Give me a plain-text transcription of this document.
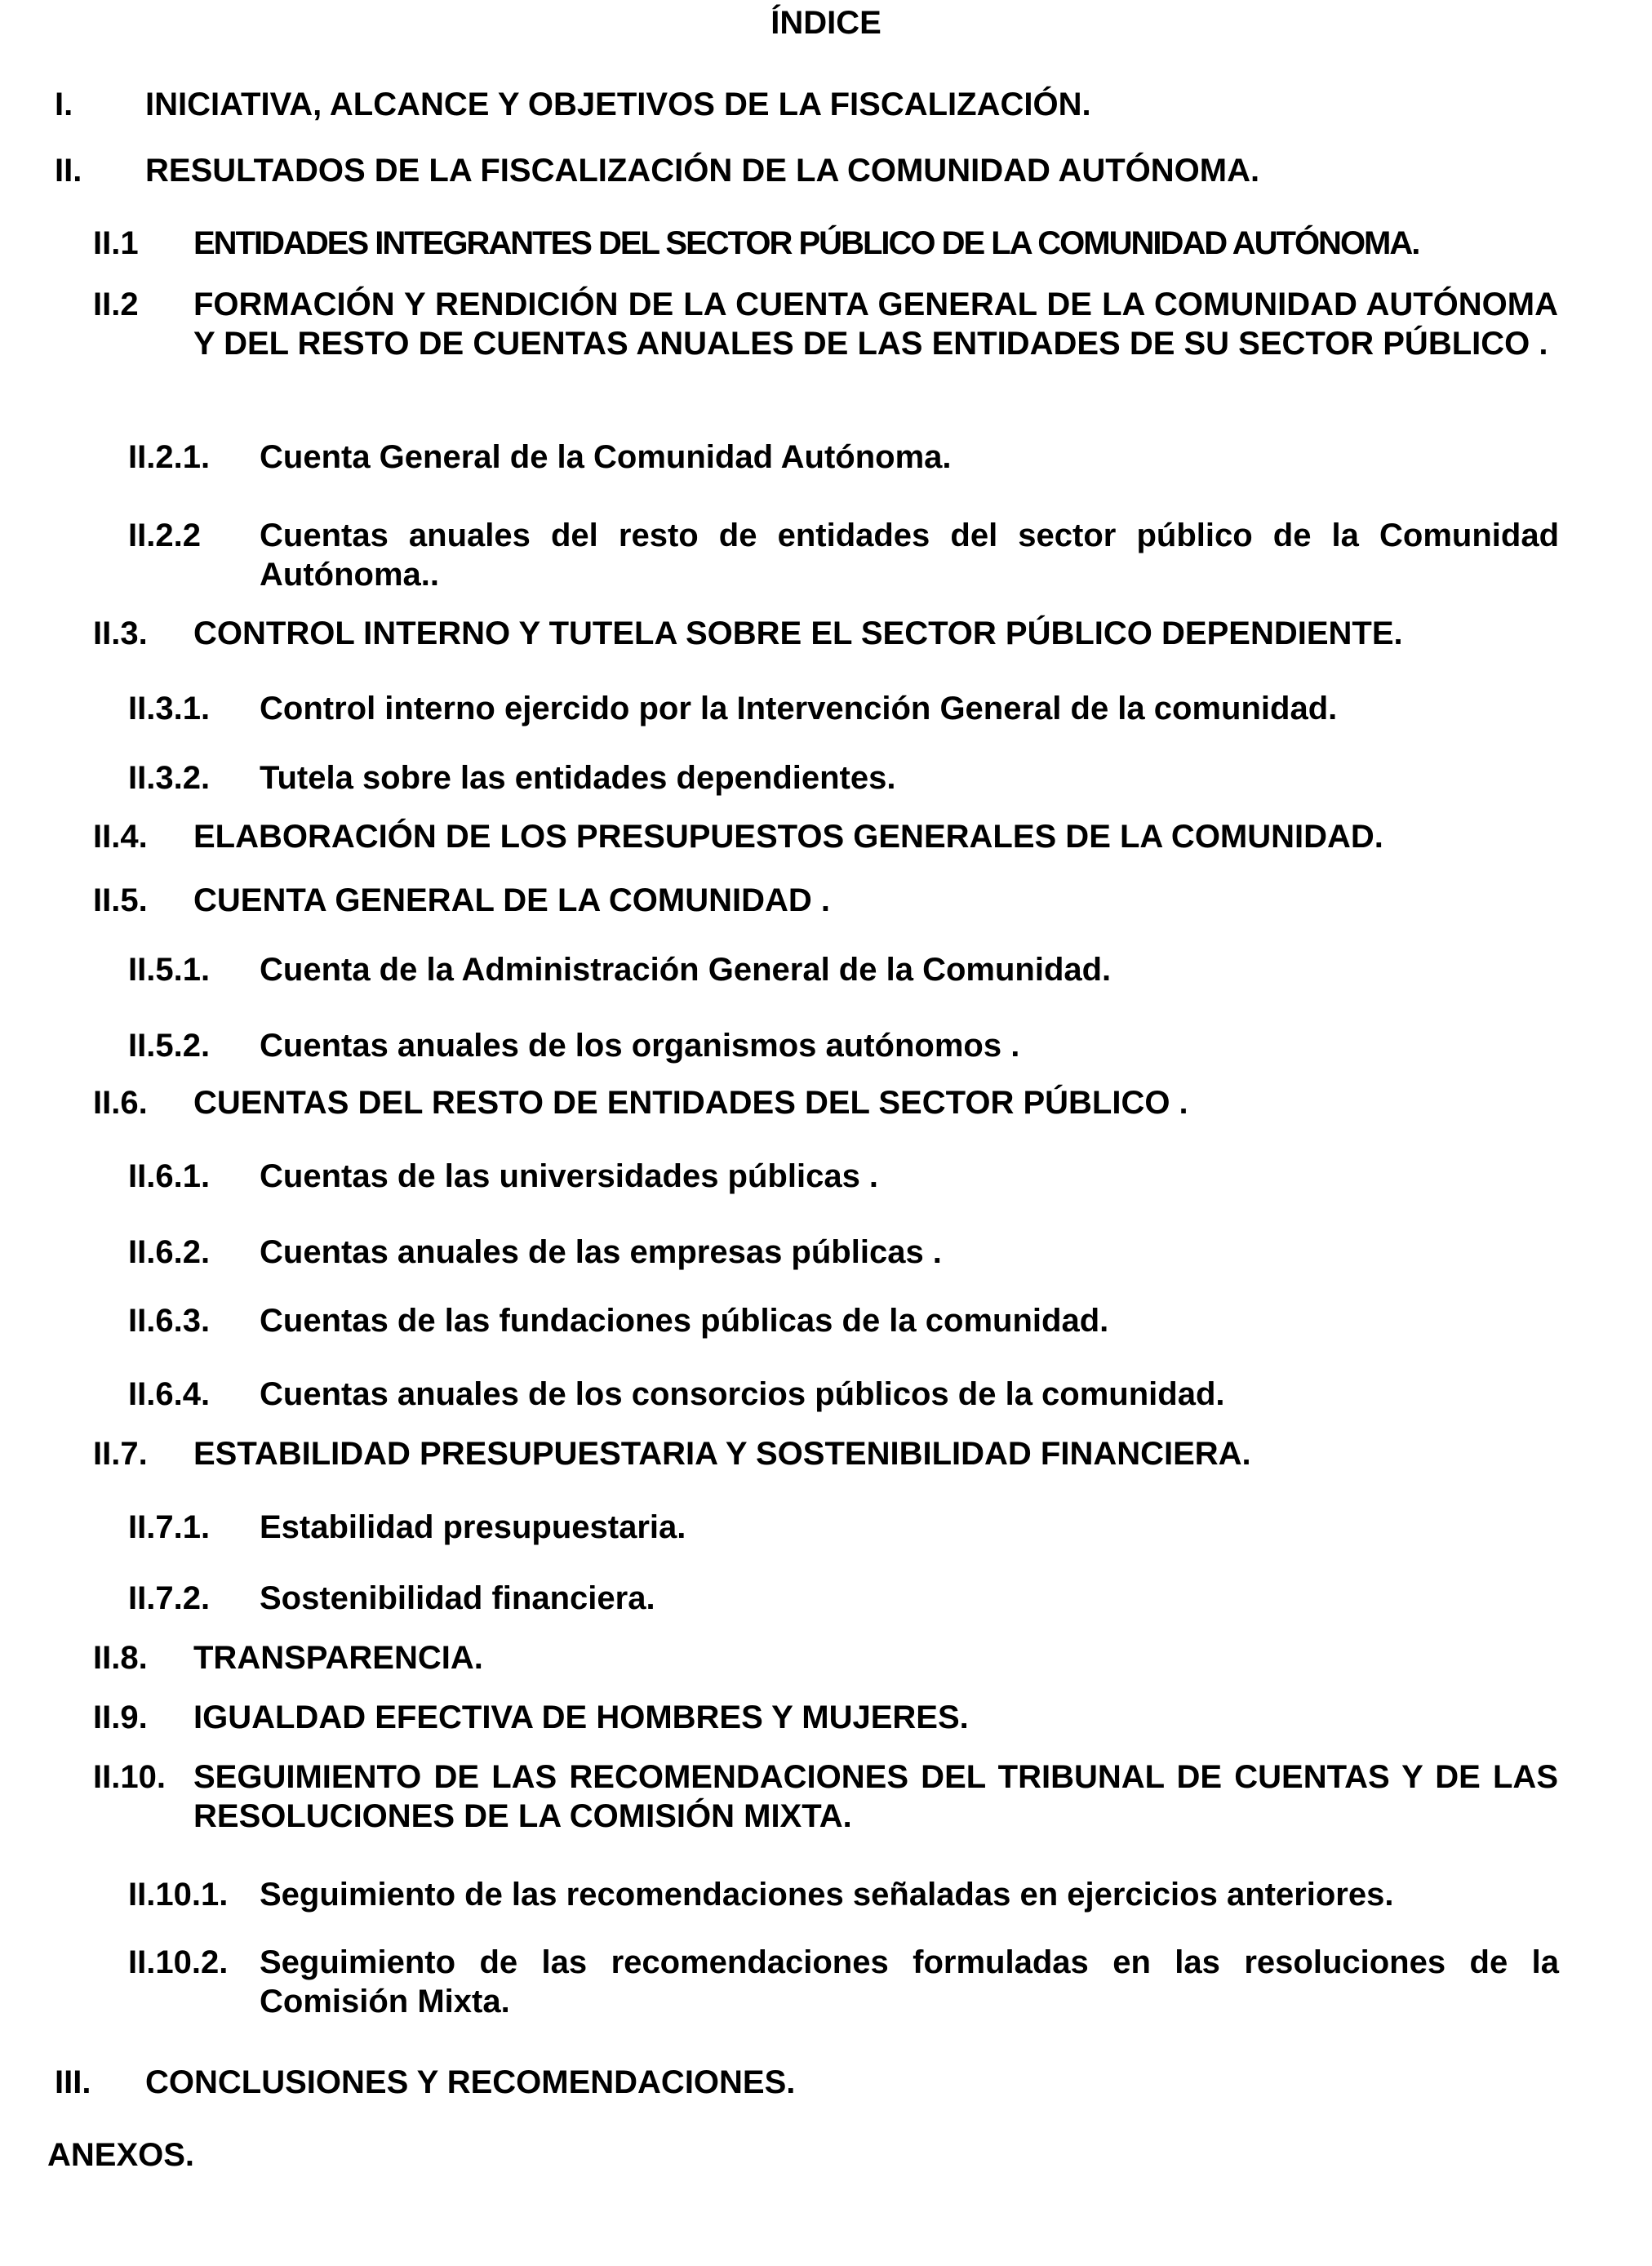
ÍNDICE
I. INICIATIVA, ALCANCE Y OBJETIVOS DE LA FISCALIZACIÓN.
II. RESULTADOS DE LA FISCALIZACIÓN DE LA COMUNIDAD AUTÓNOMA.
II.1 ENTIDADES INTEGRANTES DEL SECTOR PÚBLICO DE LA COMUNIDAD AUTÓNOMA.
II.2 FORMACIÓN Y RENDICIÓN DE LA CUENTA GENERAL DE LA COMUNIDAD AUTÓNOMA Y DEL RESTO DE CUENTAS ANUALES DE LAS ENTIDADES DE SU SECTOR PÚBLICO .
II.2.1. Cuenta General de la Comunidad Autónoma.
II.2.2 Cuentas anuales del resto de entidades del sector público de la Comunidad Autónoma..
II.3. CONTROL INTERNO Y TUTELA SOBRE EL SECTOR PÚBLICO DEPENDIENTE.
II.3.1. Control interno ejercido por la Intervención General de la comunidad.
II.3.2. Tutela sobre las entidades dependientes.
II.4. ELABORACIÓN DE LOS PRESUPUESTOS GENERALES DE LA COMUNIDAD.
II.5. CUENTA GENERAL DE LA COMUNIDAD .
II.5.1. Cuenta de la Administración General de la Comunidad.
II.5.2. Cuentas anuales de los organismos autónomos .
II.6. CUENTAS DEL RESTO DE ENTIDADES DEL SECTOR PÚBLICO .
II.6.1. Cuentas de las universidades públicas .
II.6.2. Cuentas anuales de las empresas públicas .
II.6.3. Cuentas de las fundaciones públicas de la comunidad.
II.6.4. Cuentas anuales de los consorcios públicos de la comunidad.
II.7. ESTABILIDAD PRESUPUESTARIA Y SOSTENIBILIDAD FINANCIERA.
II.7.1. Estabilidad presupuestaria.
II.7.2. Sostenibilidad financiera.
II.8. TRANSPARENCIA.
II.9. IGUALDAD EFECTIVA DE HOMBRES Y MUJERES.
II.10. SEGUIMIENTO DE LAS RECOMENDACIONES DEL TRIBUNAL DE CUENTAS Y DE LAS RESOLUCIONES DE LA COMISIÓN MIXTA.
II.10.1. Seguimiento de las recomendaciones señaladas en ejercicios anteriores.
II.10.2. Seguimiento de las recomendaciones formuladas en las resoluciones de la Comisión Mixta.
III. CONCLUSIONES Y RECOMENDACIONES.
ANEXOS.
